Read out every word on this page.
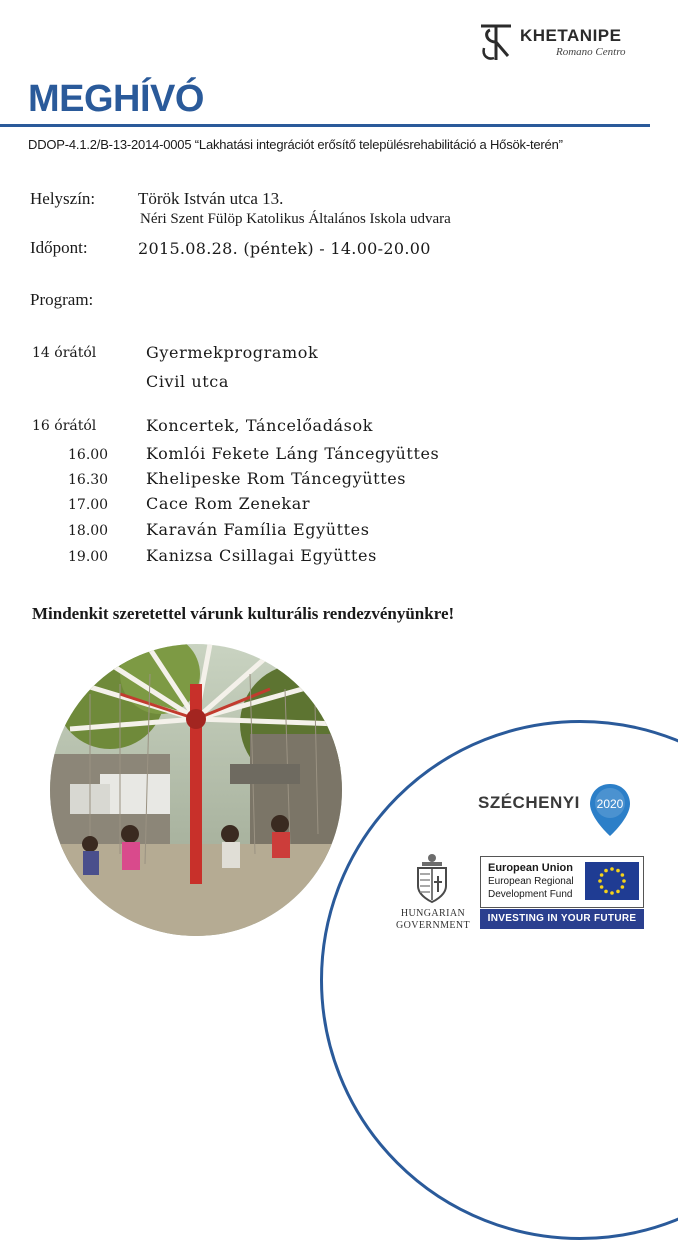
KHETANIPE
Romano Centro
MEGHÍVÓ
DDOP-4.1.2/B-13-2014-0005 “Lakhatási integrációt erősítő településrehabilitáció a Hősök-terén”
Helyszín:	Török István utca 13.
Néri Szent Fülöp Katolikus Általános Iskola udvara
Időpont:	2015.08.28. (péntek) - 14.00-20.00
Program:
14 órától	Gyermekprogramok
Civil utca
16 órától	Koncertek, Táncelőadások
16.00 Komlói Fekete Láng Táncegyüttes
16.30 Khelipeske Rom Táncegyüttes
17.00 Cace Rom Zenekar
18.00 Karaván Família Együttes
19.00 Kanizsa Csillagai Együttes
Mindenkit szeretettel várunk kulturális rendezvényünkre!
SZÉCHENYI 2020
HUNGARIAN
GOVERNMENT
European Union
European Regional
Development Fund
INVESTING IN YOUR FUTURE
